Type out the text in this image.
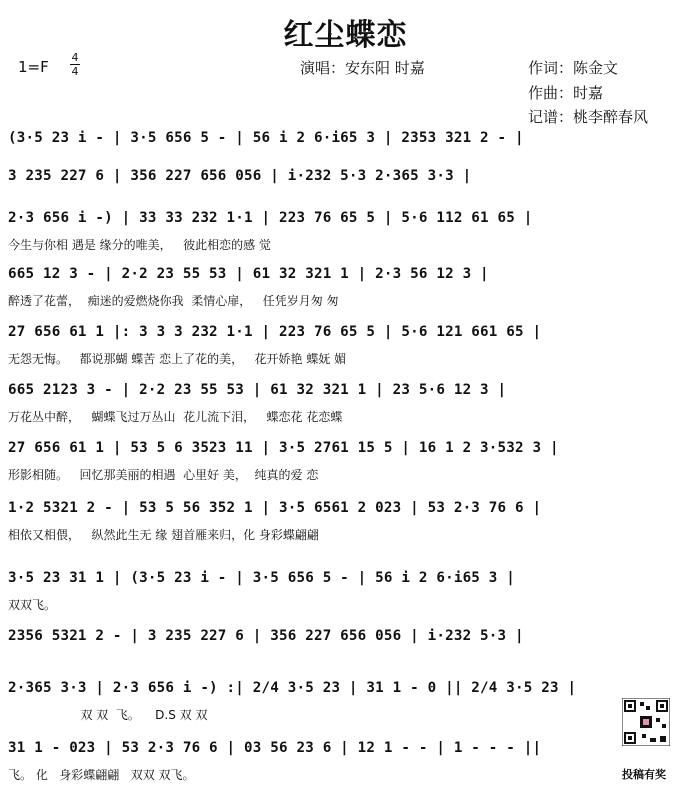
红尘蝶恋
1=F
4
4	演唱：安东阳 时嘉	作词：陈金文
作曲：时嘉
记谱：桃李醉春风
(3·5 23 i - | 3·5 656 5 - | 56 i 2 6·i65 3 | 2353 321 2 - |
3 235 227 6 | 356 227 656 056 | i·232 5·3 2·365 3·3 |
2·3 656 i -) | 33 33 232 1·1 | 223 76 65 5 | 5·6 112 61 65 |
今生与你相 遇是 缘分的唯美，   彼此相恋的感 觉
665 12 3 - | 2·2 23 55 53 | 61 32 321 1 | 2·3 56 12 3 |
醉透了花蕾，  痴迷的爱燃烧你我  柔情心扉，   任凭岁月匆 匆
27 656 61 1 |: 3 3 3 232 1·1 | 223 76 65 5 | 5·6 121 661 65 |
无怨无悔。   都说那蝴 蝶苦 恋上了花的美，   花开娇艳 蝶妩 媚
665 2123 3 - | 2·2 23 55 53 | 61 32 321 1 | 23 5·6 12 3 |
万花丛中醉，   蝴蝶飞过万丛山  花儿流下泪，   蝶恋花 花恋蝶
27 656 61 1 | 53 5 6 3523 11 | 3·5 2761 15 5 | 16 1 2 3·532 3 |
形影相随。   回忆那美丽的相遇  心里好 美，  纯真的爱 恋
1·2 5321 2 - | 53 5 56 352 1 | 3·5 6561 2 023 | 53 2·3 76 6 |
相依又相偎，   纵然此生无 缘 翅首雁来归，化 身彩蝶翩翩
3·5 23 31 1 | (3·5 23 i - | 3·5 656 5 - | 56 i 2 6·i65 3 |
双双飞。
2356 5321 2 - | 3 235 227 6 | 356 227 656 056 | i·232 5·3 |
2·365 3·3 | 2·3 656 i -) :| 2/4 3·5 23 | 31 1 - 0 || 2/4 3·5 23 |
双 双  飞。    D.S 双 双
31 1 - 023 | 53 2·3 76 6 | 03 56 23 6 | 12 1 - - | 1 - - - ||
飞。 化   身彩蝶翩翩   双双 双飞。	投稿有奖
